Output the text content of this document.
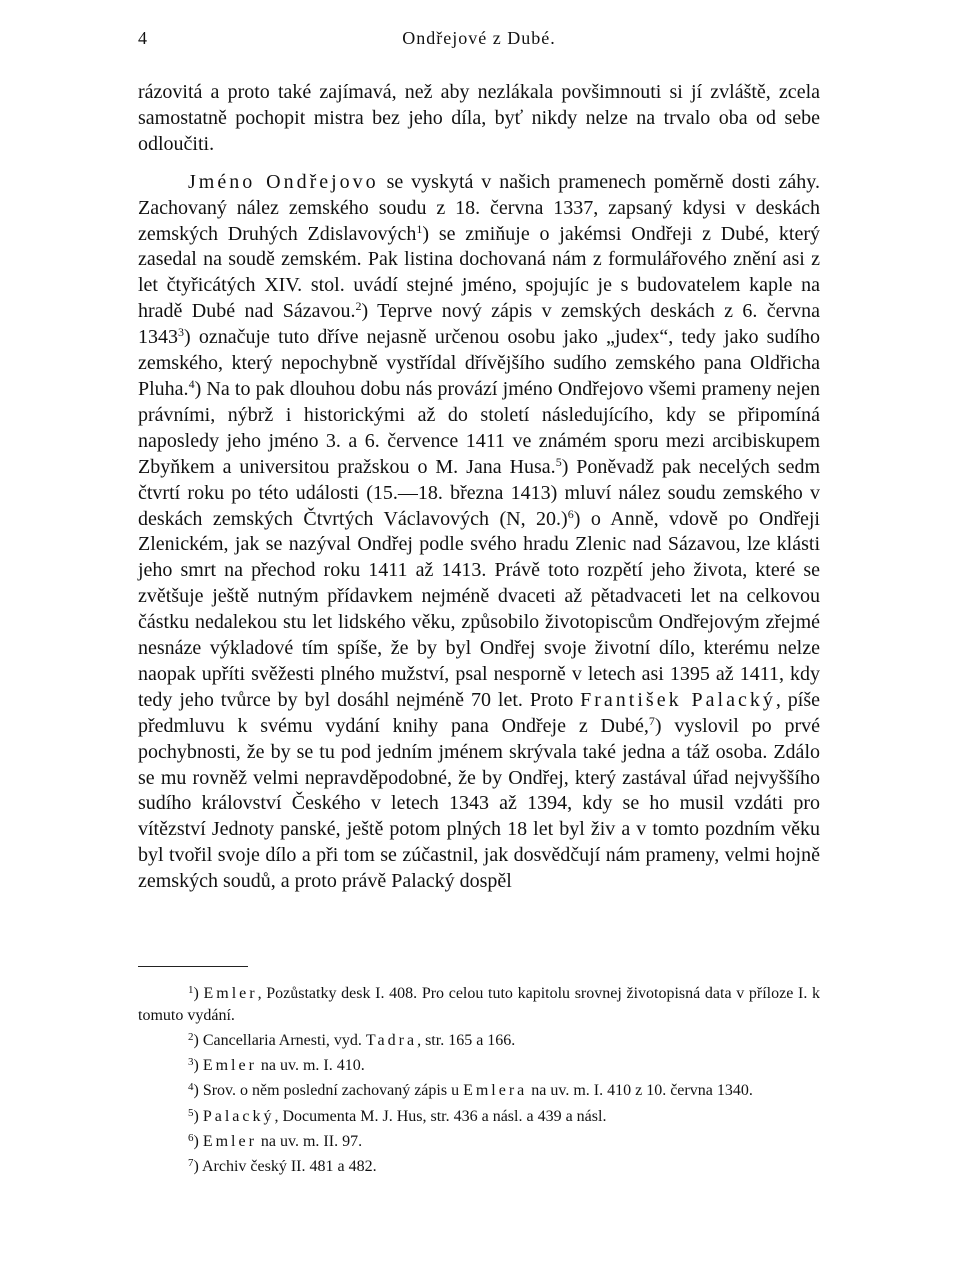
4	Ondřejové z Dubé.

rázovitá a proto také zajímavá, než aby nezlákala povšimnouti si jí zvláště, zcela samostatně pochopit mistra bez jeho díla, byť nikdy nelze na trvalo oba od sebe odloučiti.

Jméno Ondřejovo se vyskytá v našich pramenech poměrně dosti záhy. Zachovaný nález zemského soudu z 18. června 1337, zapsaný kdysi v deskách zemských Druhých Zdislavových$^1$) se zmiňuje o jakémsi Ondřeji z Dubé, který zasedal na soudě zemském. Pak listina dochovaná nám z formulářového znění asi z let čtyřicátých XIV. stol. uvádí stejné jméno, spojujíc je s budovatelem kaple na hradě Dubé nad Sázavou.$^2$) Teprve nový zápis v zemských deskách z 6. června 1343$^3$) označuje tuto dříve nejasně určenou osobu jako „judex“, tedy jako sudího zemského, který nepochybně vystřídal dřívějšího sudího zemského pana Oldřicha Pluha.$^4$) Na to pak dlouhou dobu nás provází jméno Ondřejovo všemi prameny nejen právními, nýbrž i historickými až do století následujícího, kdy se připomíná naposledy jeho jméno 3. a 6. července 1411 ve známém sporu mezi arcibiskupem Zbyňkem a universitou pražskou o M. Jana Husa.$^5$) Poněvadž pak necelých sedm čtvrtí roku po této události (15.—18. března 1413) mluví nález soudu zemského v deskách zemských Čtvrtých Václavových (N, 20.)$^6$) o Anně, vdově po Ondřeji Zlenickém, jak se nazýval Ondřej podle svého hradu Zlenic nad Sázavou, lze klásti jeho smrt na přechod roku 1411 až 1413. Právě toto rozpětí jeho života, které se zvětšuje ještě nutným přídavkem nejméně dvaceti až pětadvaceti let na celkovou částku nedalekou stu let lidského věku, způsobilo životopiscům Ondřejovým zřejmé nesnáze výkladové tím spíše, že by byl Ondřej svoje životní dílo, kterému nelze naopak upříti svěžesti plného mužství, psal nesporně v letech asi 1395 až 1411, kdy tedy jeho tvůrce by byl dosáhl nejméně 70 let. Proto František Palacký, píše předmluvu k svému vydání knihy pana Ondřeje z Dubé,$^7$) vyslovil po prvé pochybnosti, že by se tu pod jedním jménem skrývala také jedna a táž osoba. Zdálo se mu rovněž velmi nepravděpodobné, že by Ondřej, který zastával úřad nejvyššího sudího království Českého v letech 1343 až 1394, kdy se ho musil vzdáti pro vítězství Jednoty panské, ještě potom plných 18 let byl živ a v tomto pozdním věku byl tvořil svoje dílo a při tom se zúčastnil, jak dosvědčují nám prameny, velmi hojně zemských soudů, a proto právě Palacký dospěl

$^1$) Emler, Pozůstatky desk I. 408. Pro celou tuto kapitolu srovnej životopisná data v příloze I. k tomuto vydání.

$^2$) Cancellaria Arnesti, vyd. Tadra, str. 165 a 166.

$^3$) Emler na uv. m. I. 410.

$^4$) Srov. o něm poslední zachovaný zápis u Emlera na uv. m. I. 410 z 10. června 1340.

$^5$) Palacký, Documenta M. J. Hus, str. 436 a násl. a 439 a násl.

$^6$) Emler na uv. m. II. 97.

$^7$) Archiv český II. 481 a 482.
